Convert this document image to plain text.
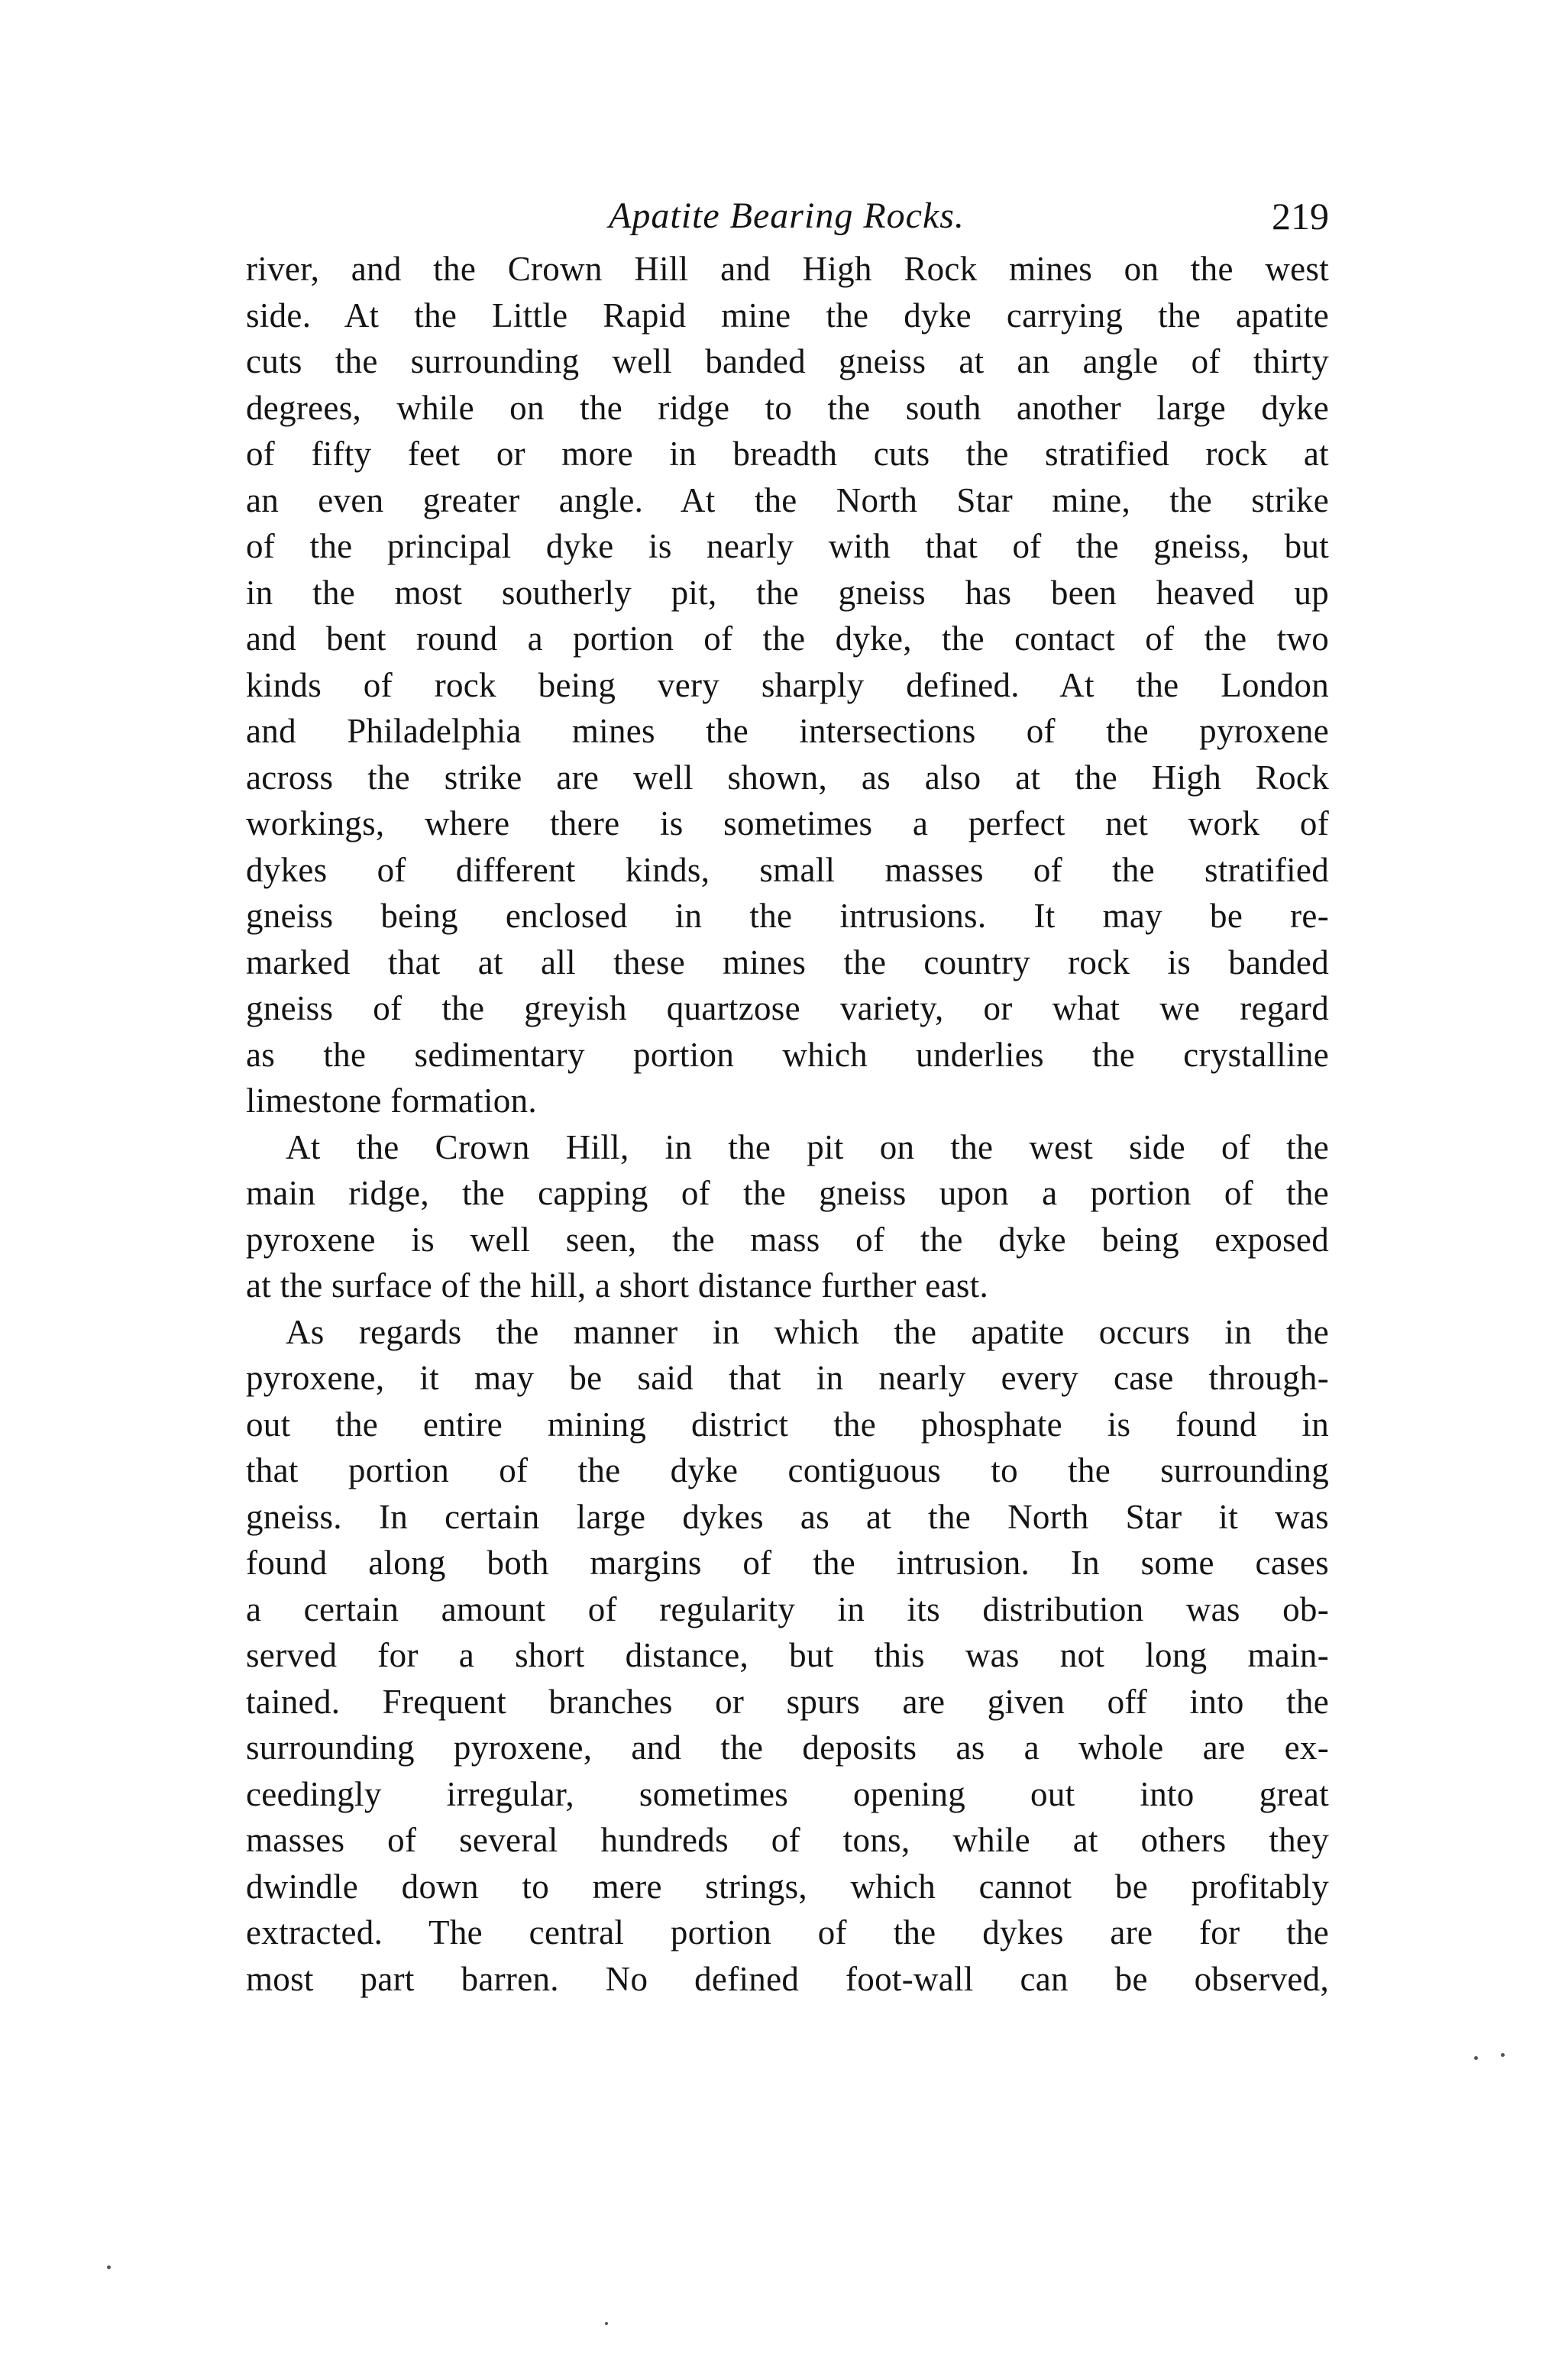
Apatite Bearing Rocks.	219
river, and the Crown Hill and High Rock mines on the west
side. At the Little Rapid mine the dyke carrying the apatite
cuts the surrounding well banded gneiss at an angle of thirty
degrees, while on the ridge to the south another large dyke
of fifty feet or more in breadth cuts the stratified rock at
an even greater angle. At the North Star mine, the strike
of the principal dyke is nearly with that of the gneiss, but
in the most southerly pit, the gneiss has been heaved up
and bent round a portion of the dyke, the contact of the two
kinds of rock being very sharply defined. At the London
and Philadelphia mines the intersections of the pyroxene
across the strike are well shown, as also at the High Rock
workings, where there is sometimes a perfect net work of
dykes of different kinds, small masses of the stratified
gneiss being enclosed in the intrusions. It may be re-
marked that at all these mines the country rock is banded
gneiss of the greyish quartzose variety, or what we regard
as the sedimentary portion which underlies the crystalline
limestone formation.
At the Crown Hill, in the pit on the west side of the
main ridge, the capping of the gneiss upon a portion of the
pyroxene is well seen, the mass of the dyke being exposed
at the surface of the hill, a short distance further east.
As regards the manner in which the apatite occurs in the
pyroxene, it may be said that in nearly every case through-
out the entire mining district the phosphate is found in
that portion of the dyke contiguous to the surrounding
gneiss. In certain large dykes as at the North Star it was
found along both margins of the intrusion. In some cases
a certain amount of regularity in its distribution was ob-
served for a short distance, but this was not long main-
tained. Frequent branches or spurs are given off into the
surrounding pyroxene, and the deposits as a whole are ex-
ceedingly irregular, sometimes opening out into great
masses of several hundreds of tons, while at others they
dwindle down to mere strings, which cannot be profitably
extracted. The central portion of the dykes are for the
most part barren. No defined foot-wall can be observed,
